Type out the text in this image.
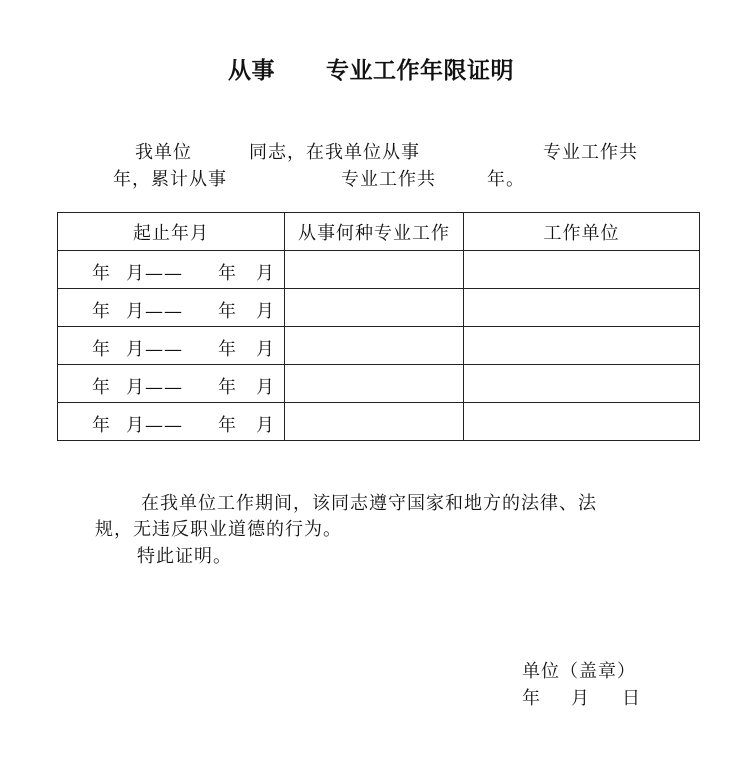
从事 专业工作年限证明
我单位	同志，在我单位从事	专业工作共
年，累计从事	专业工作共	年。
起止年月	从事何种专业工作	工作单位

年 月—— 年 月		

年 月—— 年 月		

年 月—— 年 月		

年 月—— 年 月		

年 月—— 年 月		

在我单位工作期间，该同志遵守国家和地方的法律、法
规，无违反职业道德的行为。
特此证明。
单位（盖章）
年 月 日
